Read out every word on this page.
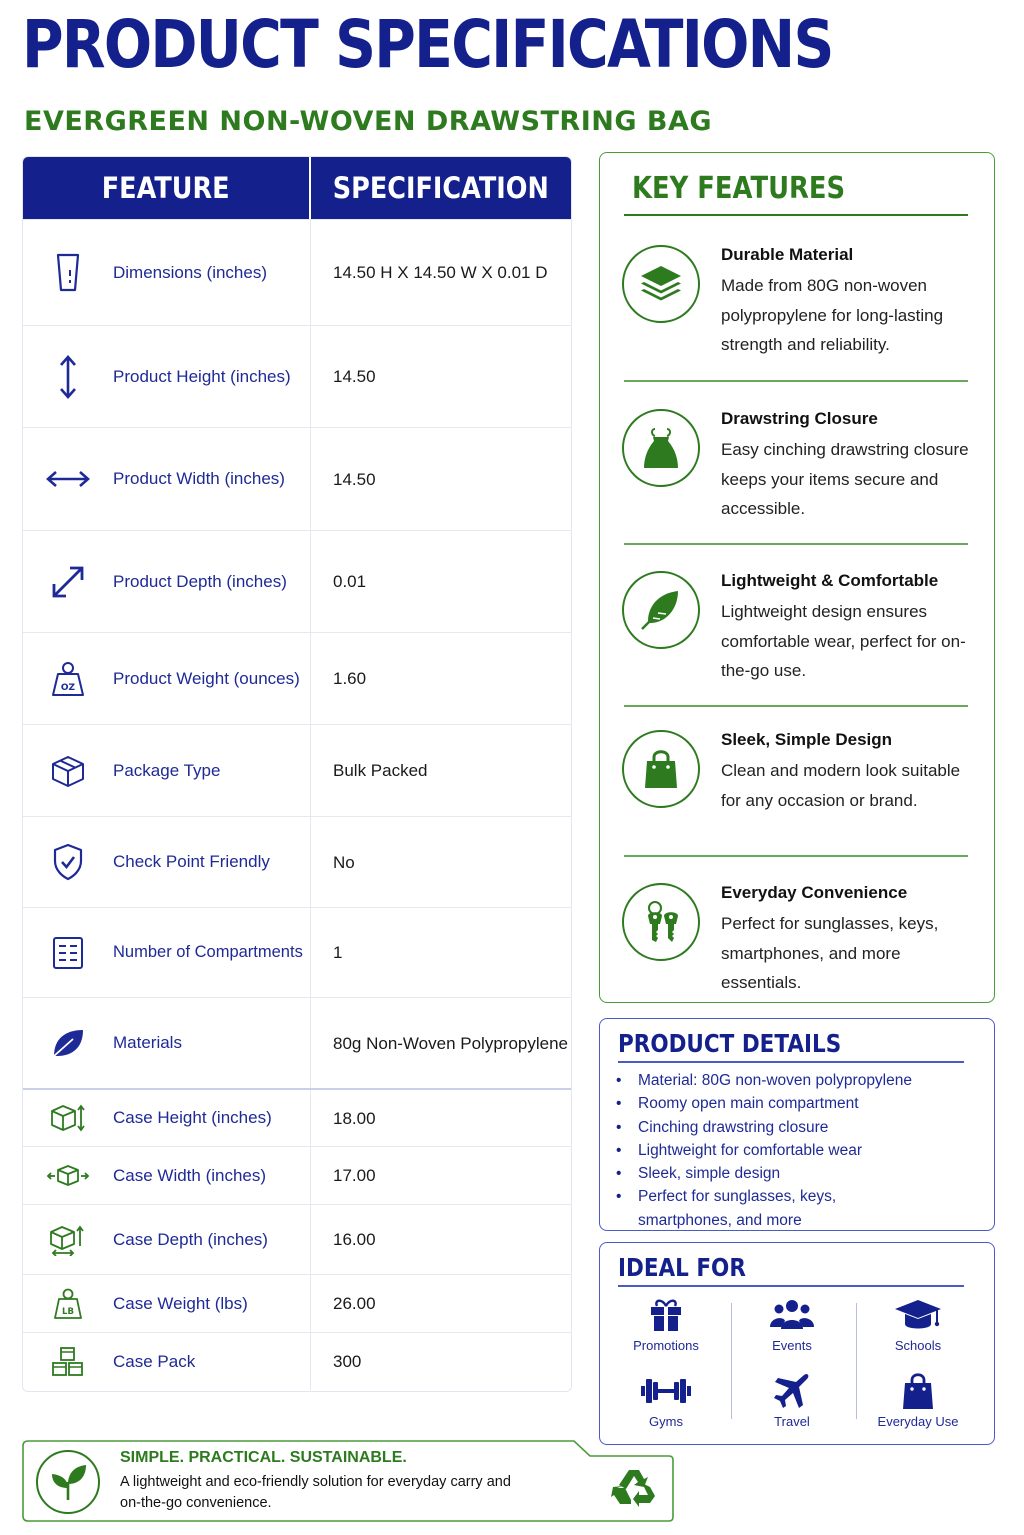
PRODUCT SPECIFICATIONS
EVERGREEN NON-WOVEN DRAWSTRING BAG
FEATURE	SPECIFICATION
Dimensions (inches)	14.50 H X 14.50 W X 0.01 D
Product Height (inches)	14.50
Product Width (inches)	14.50
Product Depth (inches)	0.01
OZ Product Weight (ounces)	1.60
Package Type	Bulk Packed
Check Point Friendly	No
Number of Compartments	1
Materials	80g Non-Woven Polypropylene
Case Height (inches)	18.00
Case Width (inches)	17.00
Case Depth (inches)	16.00
LB Case Weight (lbs)	26.00
Case Pack	300
KEY FEATURES
Durable Material
Made from 80G non-woven polypropylene for long-lasting strength and reliability.
Drawstring Closure
Easy cinching drawstring closure keeps your items secure and accessible.
Lightweight & Comfortable
Lightweight design ensures comfortable wear, perfect for on-the-go use.
Sleek, Simple Design
Clean and modern look suitable for any occasion or brand.
Everyday Convenience
Perfect for sunglasses, keys, smartphones, and more essentials.
PRODUCT DETAILS
• Material: 80G non-woven polypropylene
• Roomy open main compartment
• Cinching drawstring closure
• Lightweight for comfortable wear
• Sleek, simple design
• Perfect for sunglasses, keys, smartphones, and more
IDEAL FOR
Promotions	Events	Schools
Gyms	Travel	Everyday Use
SIMPLE. PRACTICAL. SUSTAINABLE.
A lightweight and eco-friendly solution for everyday carry and on-the-go convenience.
